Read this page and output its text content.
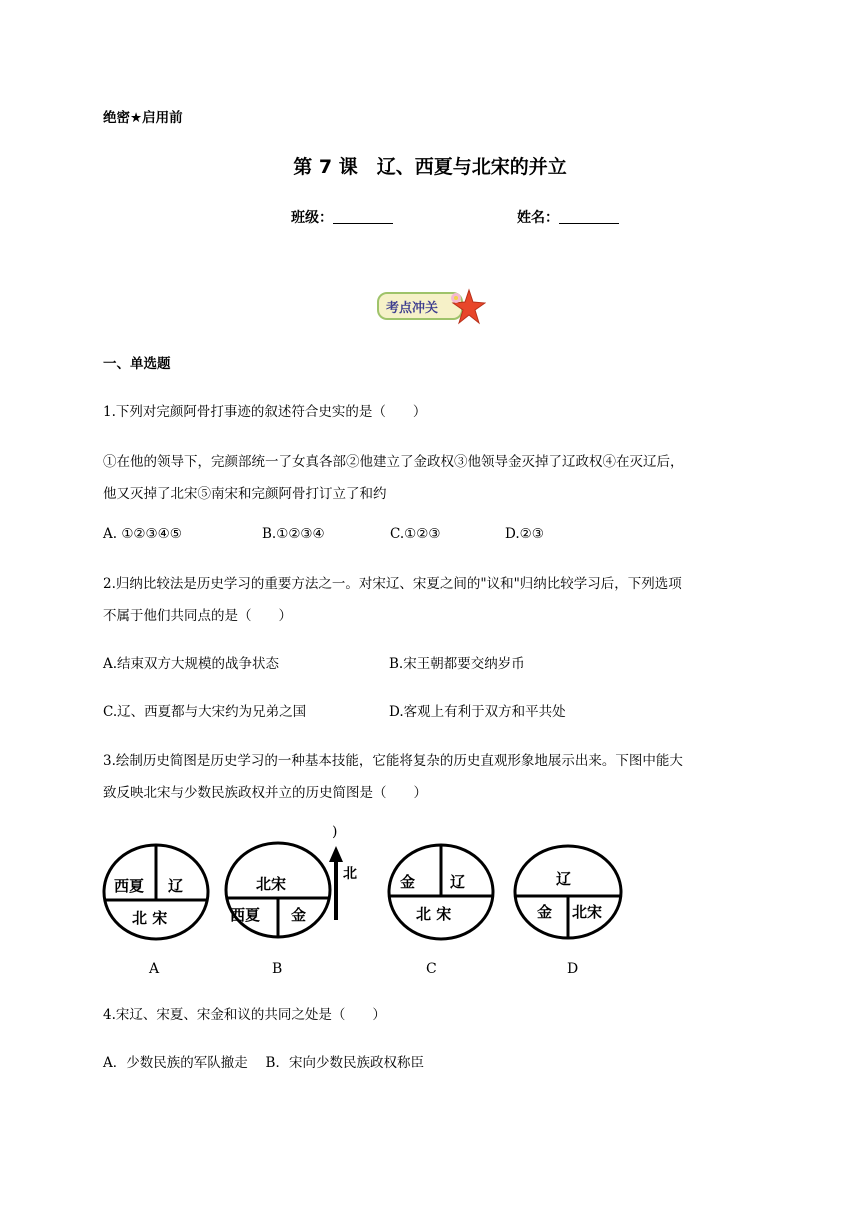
绝密★启用前
第 7 课　辽、西夏与北宋的并立
班级：	姓名：
考点冲关
一、单选题
1.下列对完颜阿骨打事迹的叙述符合史实的是（　　）
①在他的领导下，完颜部统一了女真各部②他建立了金政权③他领导金灭掉了辽政权④在灭辽后，
他又灭掉了北宋⑤南宋和完颜阿骨打订立了和约
A. ①②③④⑤	B.①②③④	C.①②③	D.②③
2.归纳比较法是历史学习的重要方法之一。对宋辽、宋夏之间的"议和"归纳比较学习后，下列选项
不属于他们共同点的是（　　）
A.结束双方大规模的战争状态	B.宋王朝都要交纳岁币
C.辽、西夏都与大宋约为兄弟之国	D.客观上有利于双方和平共处
3.绘制历史简图是历史学习的一种基本技能，它能将复杂的历史直观形象地展示出来。下图中能大
致反映北宋与少数民族政权并立的历史简图是（　　）
)
北
西夏 辽
北 宋
北宋
西夏 金
金 辽
北 宋
辽
金 北宋
A	B	C	D
4.宋辽、宋夏、宋金和议的共同之处是（　　）
A．少数民族的军队撤走　 B．宋向少数民族政权称臣
